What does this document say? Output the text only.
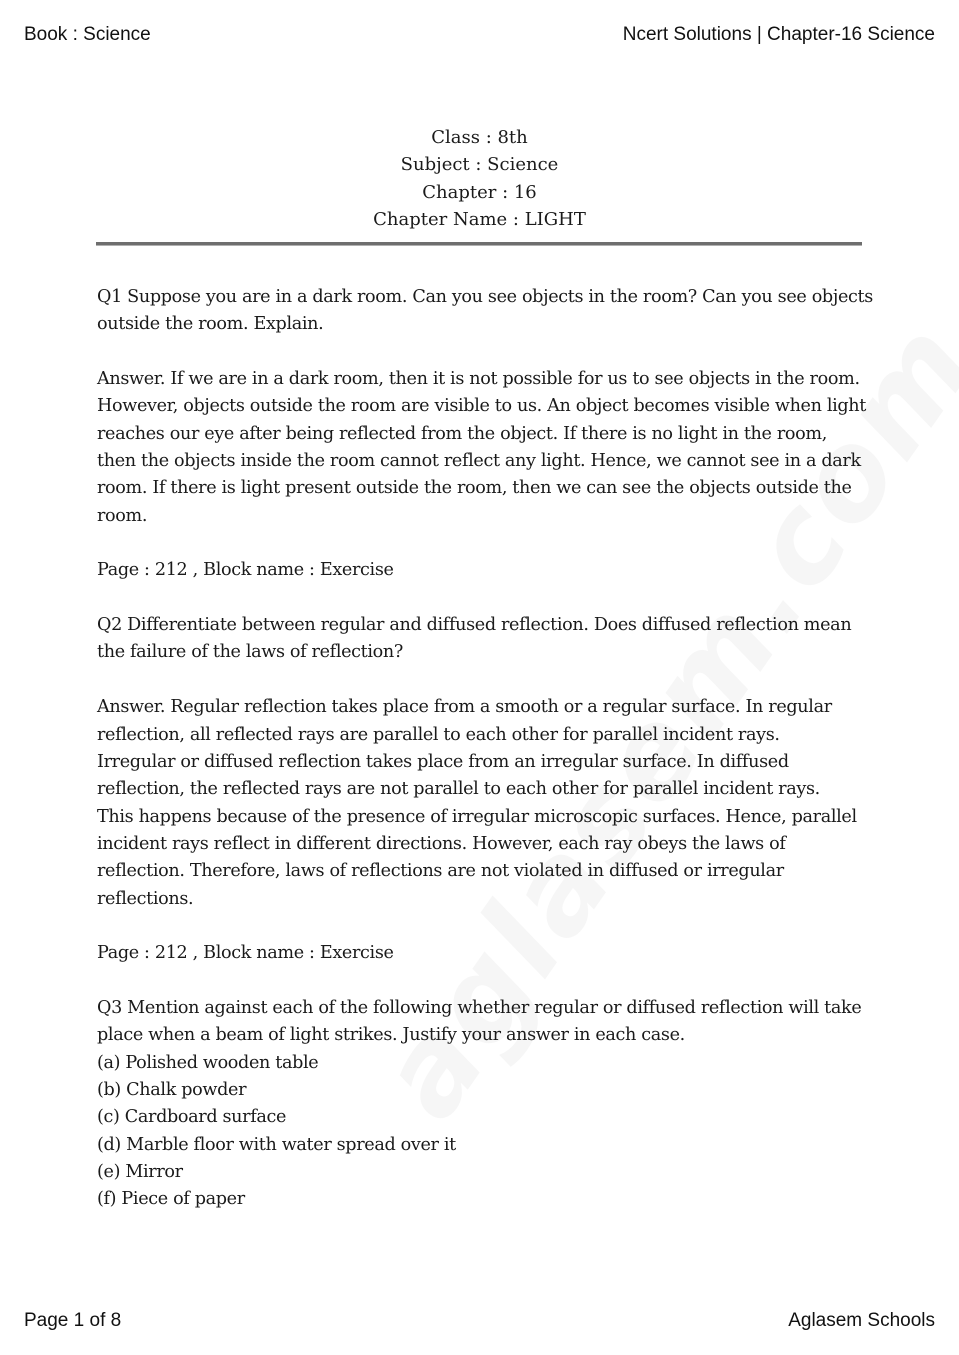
Book : Science	Ncert Solutions | Chapter-16 Science
Class : 8th
Subject : Science
Chapter : 16
Chapter Name : LIGHT
Q1 Suppose you are in a dark room. Can you see objects in the room? Can you see objects
outside the room. Explain.
Answer. If we are in a dark room, then it is not possible for us to see objects in the room.
However, objects outside the room are visible to us. An object becomes visible when light
reaches our eye after being reflected from the object. If there is no light in the room,
then the objects inside the room cannot reflect any light. Hence, we cannot see in a dark
room. If there is light present outside the room, then we can see the objects outside the
room.
Page : 212 , Block name : Exercise
Q2 Differentiate between regular and diffused reflection. Does diffused reflection mean
the failure of the laws of reflection?
Answer. Regular reflection takes place from a smooth or a regular surface. In regular
reflection, all reflected rays are parallel to each other for parallel incident rays.
Irregular or diffused reflection takes place from an irregular surface. In diffused
reflection, the reflected rays are not parallel to each other for parallel incident rays.
This happens because of the presence of irregular microscopic surfaces. Hence, parallel
incident rays reflect in different directions. However, each ray obeys the laws of
reflection. Therefore, laws of reflections are not violated in diffused or irregular
reflections.
Page : 212 , Block name : Exercise
Q3 Mention against each of the following whether regular or diffused reflection will take
place when a beam of light strikes. Justify your answer in each case.
(a) Polished wooden table
(b) Chalk powder
(c) Cardboard surface
(d) Marble floor with water spread over it
(e) Mirror
(f) Piece of paper
Page 1 of 8	Aglasem Schools
